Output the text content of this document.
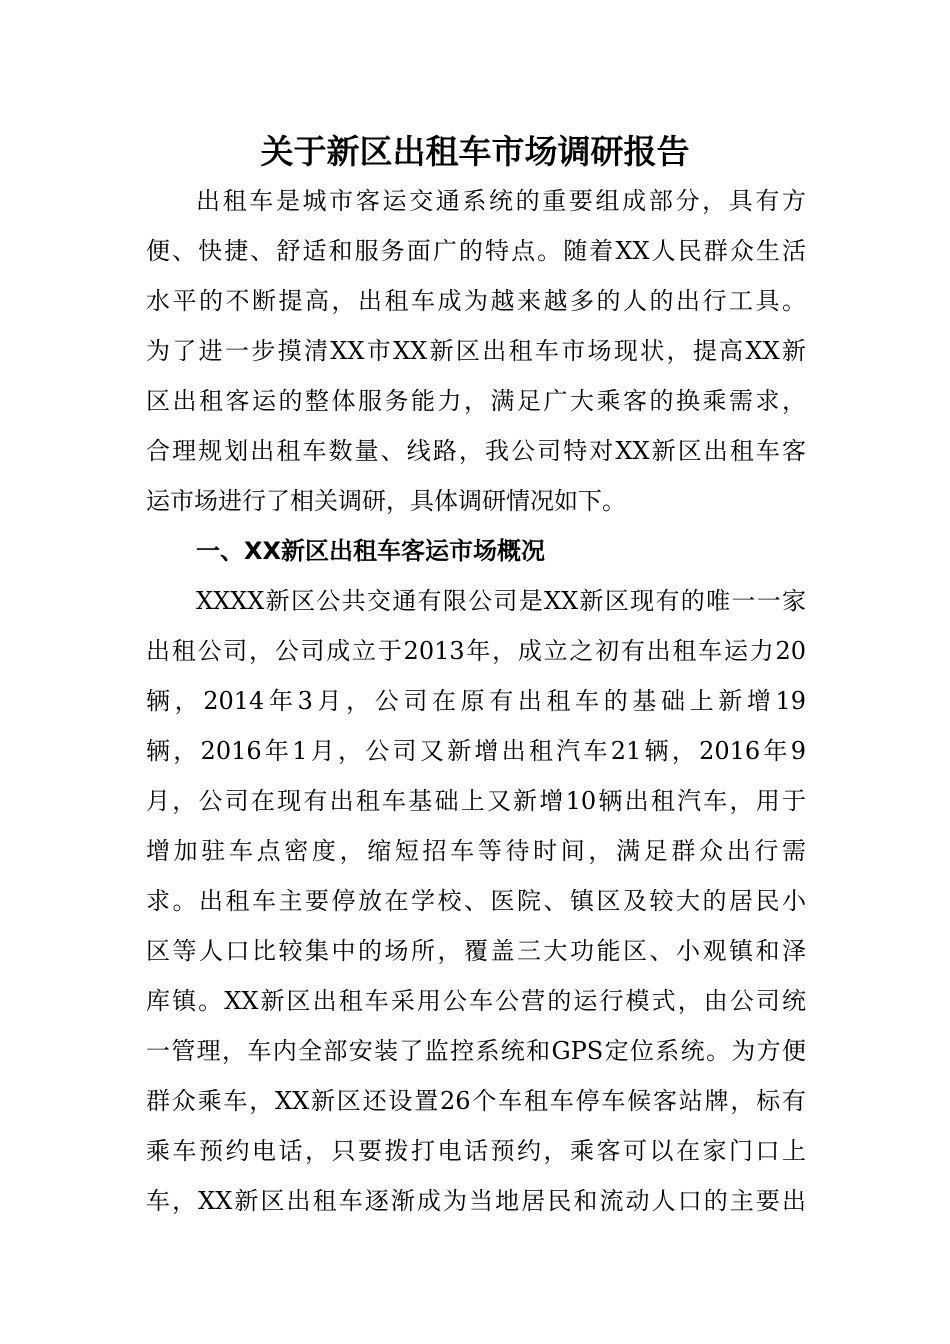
关于新区出租车市场调研报告

出租车是城市客运交通系统的重要组成部分，具有方

便、快捷、舒适和服务面广的特点。随着XX人民群众生活

水平的不断提高，出租车成为越来越多的人的出行工具。

为了进一步摸清XX市XX新区出租车市场现状，提高XX新

区出租客运的整体服务能力，满足广大乘客的换乘需求，

合理规划出租车数量、线路，我公司特对XX新区出租车客

运市场进行了相关调研，具体调研情况如下。

一、XX新区出租车客运市场概况

XXXX新区公共交通有限公司是XX新区现有的唯一一家

出租公司，公司成立于2013年，成立之初有出租车运力20

辆，2014年3月，公司在原有出租车的基础上新增19

辆，2016年1月，公司又新增出租汽车21辆，2016年9

月，公司在现有出租车基础上又新增10辆出租汽车，用于

增加驻车点密度，缩短招车等待时间，满足群众出行需

求。出租车主要停放在学校、医院、镇区及较大的居民小

区等人口比较集中的场所，覆盖三大功能区、小观镇和泽

库镇。XX新区出租车采用公车公营的运行模式，由公司统

一管理，车内全部安装了监控系统和GPS定位系统。为方便

群众乘车，XX新区还设置26个车租车停车候客站牌，标有

乘车预约电话，只要拨打电话预约，乘客可以在家门口上

车，XX新区出租车逐渐成为当地居民和流动人口的主要出
